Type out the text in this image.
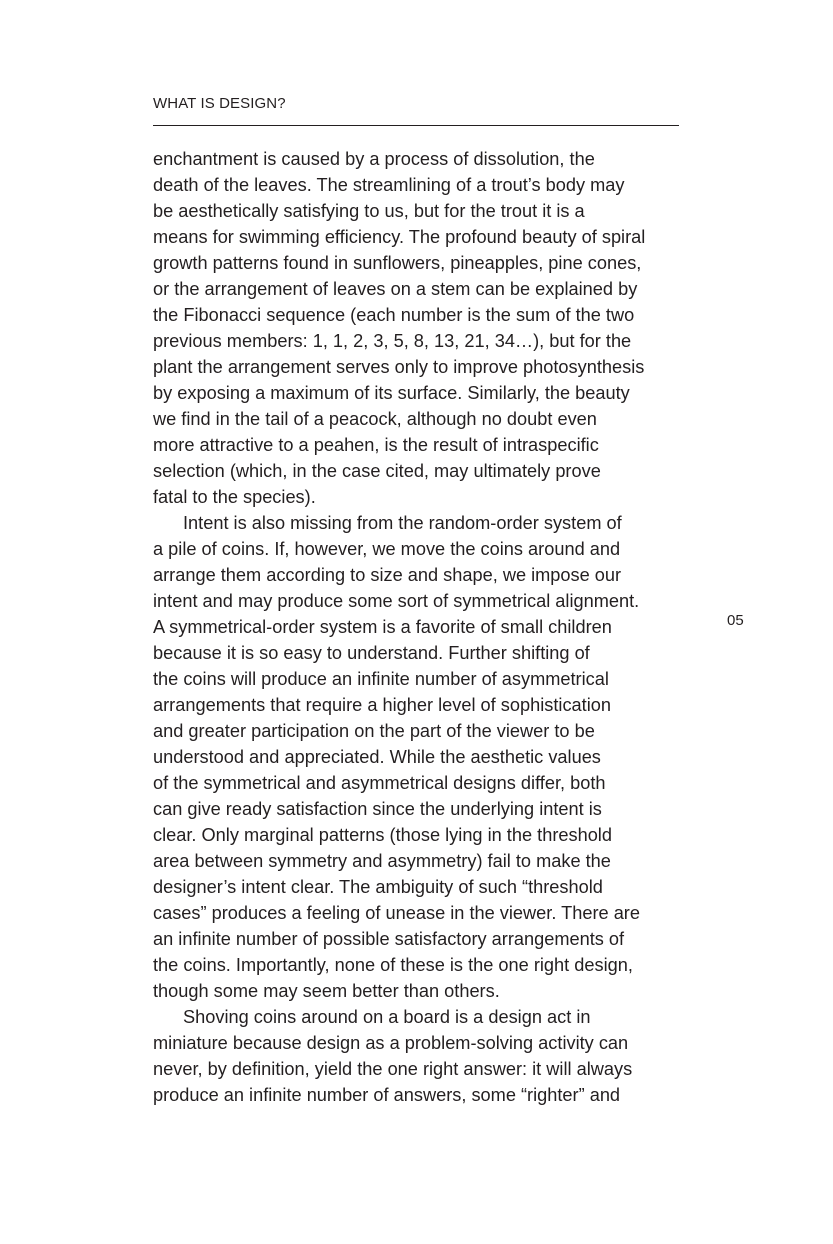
WHAT IS DESIGN?
enchantment is caused by a process of dissolution, the
death of the leaves. The streamlining of a trout’s body may
be aesthetically satisfying to us, but for the trout it is a
means for swimming efficiency. The profound beauty of spiral
growth patterns found in sunflowers, pineapples, pine cones,
or the arrangement of leaves on a stem can be explained by
the Fibonacci sequence (each number is the sum of the two
previous members: 1, 1, 2, 3, 5, 8, 13, 21, 34…), but for the
plant the arrangement serves only to improve photosynthesis
by exposing a maximum of its surface. Similarly, the beauty
we find in the tail of a peacock, although no doubt even
more attractive to a peahen, is the result of intraspecific
selection (which, in the case cited, may ultimately prove
fatal to the species).
Intent is also missing from the random-order system of
a pile of coins. If, however, we move the coins around and
arrange them according to size and shape, we impose our
intent and may produce some sort of symmetrical alignment.
A symmetrical-order system is a favorite of small children
because it is so easy to understand. Further shifting of
the coins will produce an infinite number of asymmetrical
arrangements that require a higher level of sophistication
and greater participation on the part of the viewer to be
understood and appreciated. While the aesthetic values
of the symmetrical and asymmetrical designs differ, both
can give ready satisfaction since the underlying intent is
clear. Only marginal patterns (those lying in the threshold
area between symmetry and asymmetry) fail to make the
designer’s intent clear. The ambiguity of such “threshold
cases” produces a feeling of unease in the viewer. There are
an infinite number of possible satisfactory arrangements of
the coins. Importantly, none of these is the one right design,
though some may seem better than others.
Shoving coins around on a board is a design act in
miniature because design as a problem-solving activity can
never, by definition, yield the one right answer: it will always
produce an infinite number of answers, some “righter” and
05
